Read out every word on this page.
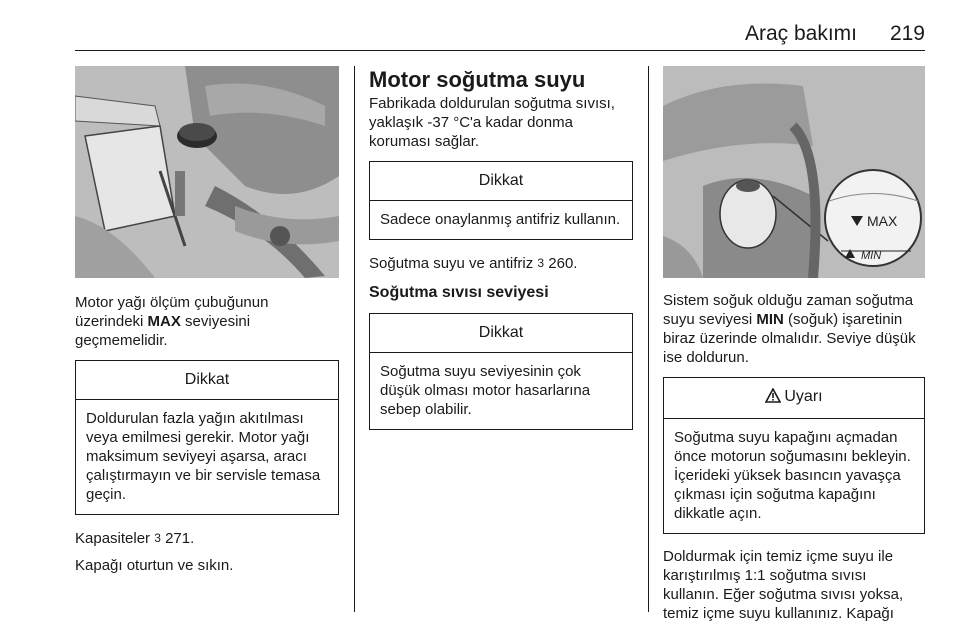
Araç bakımı 219

Motor yağı ölçüm çubuğunun üzerindeki MAX seviyesini geçmemelidir.

Dikkat
Doldurulan fazla yağın akıtılması veya emilmesi gerekir. Motor yağı maksimum seviyeyi aşarsa, aracı çalıştırmayın ve bir servisle temasa geçin.

Kapasiteler 3 271.

Kapağı oturtun ve sıkın.

Motor soğutma suyu

Fabrikada doldurulan soğutma sıvısı, yaklaşık -37 °C'a kadar donma koruması sağlar.

Dikkat
Sadece onaylanmış antifriz kullanın.

Soğutma suyu ve antifriz 3 260.

Soğutma sıvısı seviyesi
Dikkat
Soğutma suyu seviyesinin çok düşük olması motor hasarlarına sebep olabilir.
MAX
MIN

Sistem soğuk olduğu zaman soğutma suyu seviyesi MIN (soğuk) işaretinin biraz üzerinde olmalıdır. Seviye düşük ise doldurun.

Uyarı
Soğutma suyu kapağını açmadan önce motorun soğumasını bekleyin. İçerideki yüksek basıncın yavaşça çıkması için soğutma kapağını dikkatle açın.

Doldurmak için temiz içme suyu ile karıştırılmış 1:1 soğutma sıvısı kullanın. Eğer soğutma sıvısı yoksa, temiz içme suyu kullanınız. Kapağı
